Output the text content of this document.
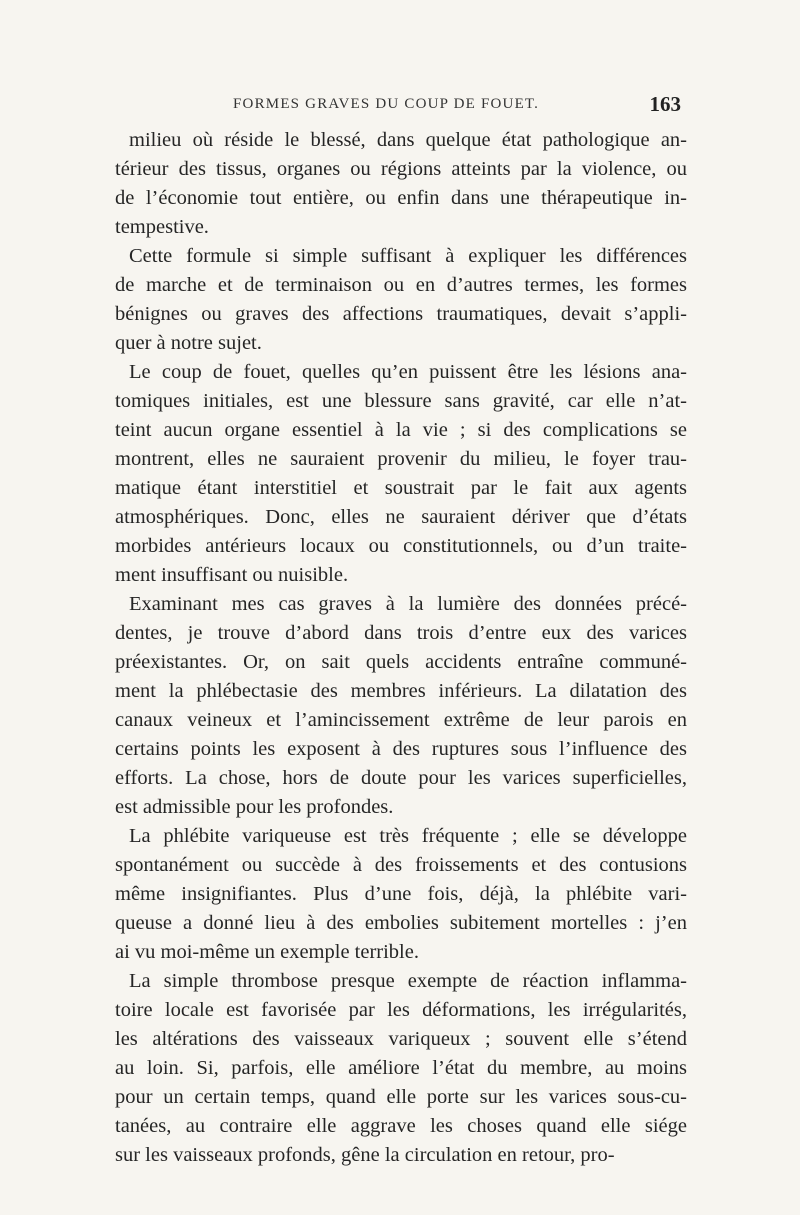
FORMES GRAVES DU COUP DE FOUET.	163
milieu où réside le blessé, dans quelque état pathologique an-
térieur des tissus, organes ou régions atteints par la violence, ou
de l’économie tout entière, ou enfin dans une thérapeutique in-
tempestive.
Cette formule si simple suffisant à expliquer les différences
de marche et de terminaison ou en d’autres termes, les formes
bénignes ou graves des affections traumatiques, devait s’appli-
quer à notre sujet.
Le coup de fouet, quelles qu’en puissent être les lésions ana-
tomiques initiales, est une blessure sans gravité, car elle n’at-
teint aucun organe essentiel à la vie ; si des complications se
montrent, elles ne sauraient provenir du milieu, le foyer trau-
matique étant interstitiel et soustrait par le fait aux agents
atmosphériques. Donc, elles ne sauraient dériver que d’états
morbides antérieurs locaux ou constitutionnels, ou d’un traite-
ment insuffisant ou nuisible.
Examinant mes cas graves à la lumière des données précé-
dentes, je trouve d’abord dans trois d’entre eux des varices
préexistantes. Or, on sait quels accidents entraîne communé-
ment la phlébectasie des membres inférieurs. La dilatation des
canaux veineux et l’amincissement extrême de leur parois en
certains points les exposent à des ruptures sous l’influence des
efforts. La chose, hors de doute pour les varices superficielles,
est admissible pour les profondes.
La phlébite variqueuse est très fréquente ; elle se développe
spontanément ou succède à des froissements et des contusions
même insignifiantes. Plus d’une fois, déjà, la phlébite vari-
queuse a donné lieu à des embolies subitement mortelles : j’en
ai vu moi-même un exemple terrible.
La simple thrombose presque exempte de réaction inflamma-
toire locale est favorisée par les déformations, les irrégularités,
les altérations des vaisseaux variqueux ; souvent elle s’étend
au loin. Si, parfois, elle améliore l’état du membre, au moins
pour un certain temps, quand elle porte sur les varices sous-cu-
tanées, au contraire elle aggrave les choses quand elle siége
sur les vaisseaux profonds, gêne la circulation en retour, pro-
